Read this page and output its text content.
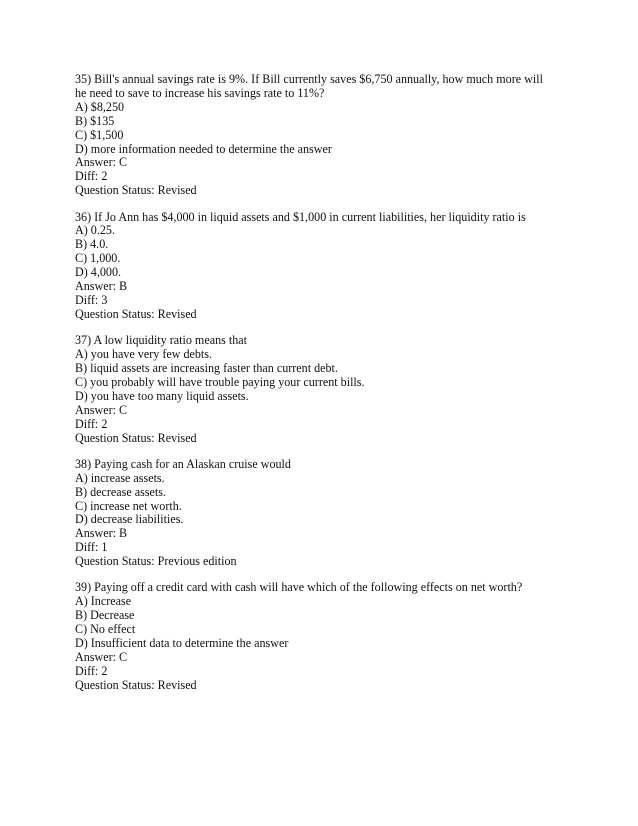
35) Bill's annual savings rate is 9%. If Bill currently saves $6,750 annually, how much more will
he need to save to increase his savings rate to 11%?
A) $8,250
B) $135
C) $1,500
D) more information needed to determine the answer
Answer: C
Diff: 2
Question Status: Revised
36) If Jo Ann has $4,000 in liquid assets and $1,000 in current liabilities, her liquidity ratio is
A) 0.25.
B) 4.0.
C) 1,000.
D) 4,000.
Answer: B
Diff: 3
Question Status: Revised
37) A low liquidity ratio means that
A) you have very few debts.
B) liquid assets are increasing faster than current debt.
C) you probably will have trouble paying your current bills.
D) you have too many liquid assets.
Answer: C
Diff: 2
Question Status: Revised
38) Paying cash for an Alaskan cruise would
A) increase assets.
B) decrease assets.
C) increase net worth.
D) decrease liabilities.
Answer: B
Diff: 1
Question Status: Previous edition
39) Paying off a credit card with cash will have which of the following effects on net worth?
A) Increase
B) Decrease
C) No effect
D) Insufficient data to determine the answer
Answer: C
Diff: 2
Question Status: Revised
